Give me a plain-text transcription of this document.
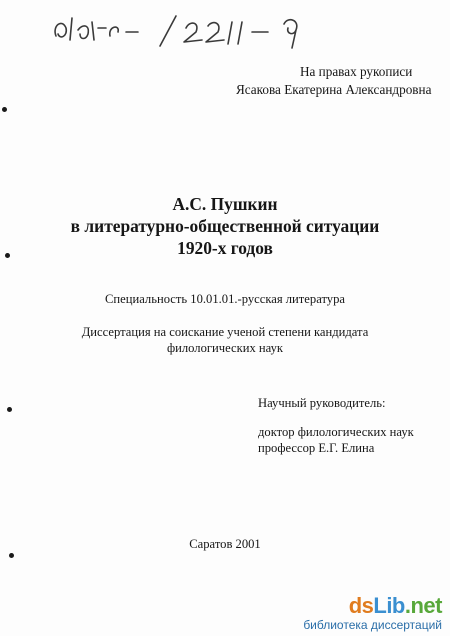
На правах рукописи
Ясакова Екатерина Александровна
А.С. Пушкин
в литературно-общественной ситуации
1920-х годов
Специальность 10.01.01.-русская литература
Диссертация на соискание ученой степени кандидата
филологических наук
Научный руководитель:
доктор филологических наук
профессор Е.Г. Елина
Саратов 2001
dsLib.net
библиотека диссертаций
